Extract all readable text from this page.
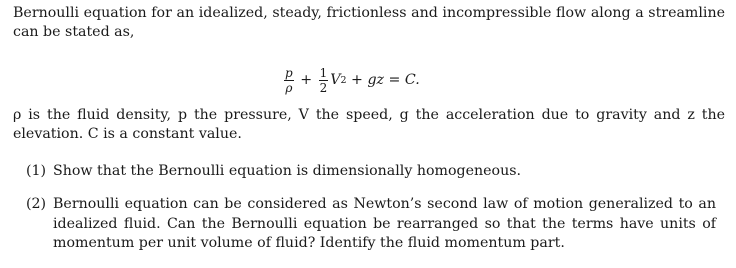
Bernoulli equation for an idealized, steady, frictionless and incompressible flow along a streamline can be stated as,

$\frac{p}{\rho} + \frac{1}{2}$ V 2 + gz = C.

ρ is the fluid density, p the pressure, V the speed, g the acceleration due to gravity and z the elevation. C is a constant value.

(1) Show that the Bernoulli equation is dimensionally homogeneous.
(2) Bernoulli equation can be considered as Newton’s second law of motion generalized to an idealized fluid. Can the Bernoulli equation be rearranged so that the terms have units of momentum per unit volume of fluid? Identify the fluid momentum part.
